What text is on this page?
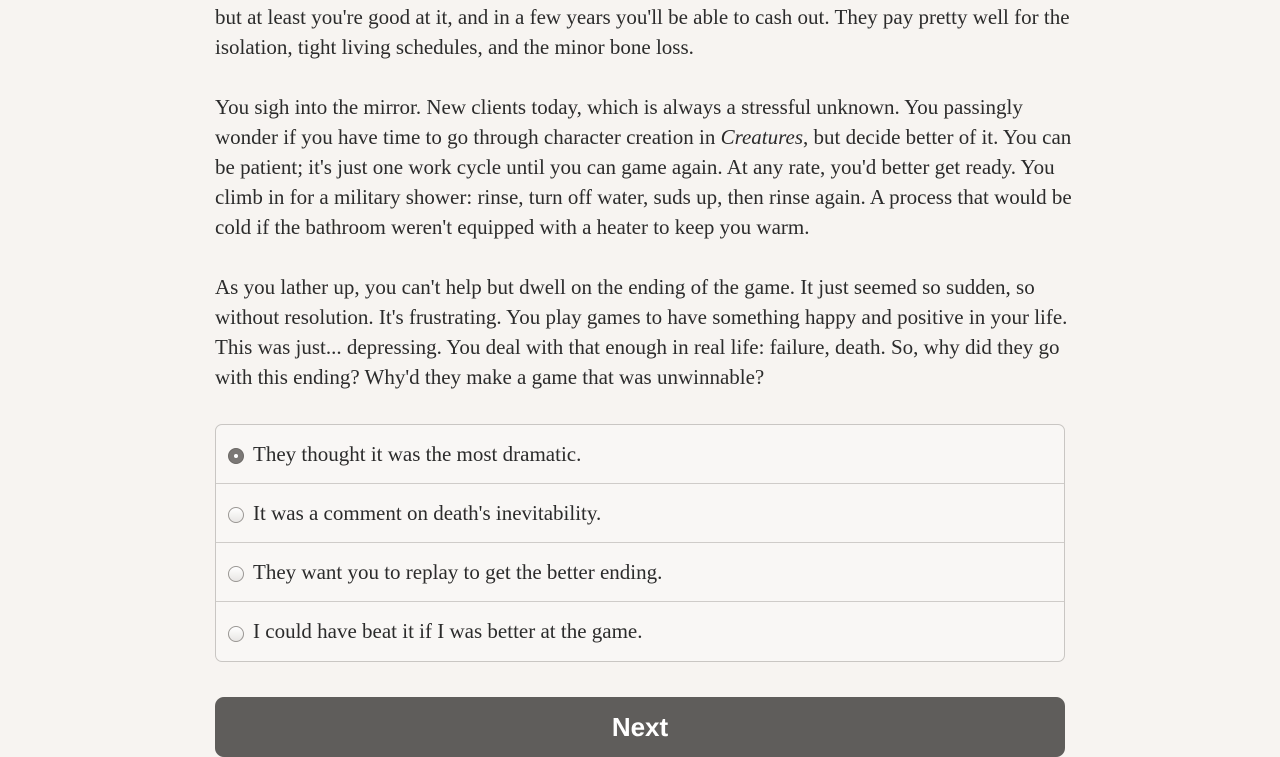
but at least you're good at it, and in a few years you'll be able to cash out. They pay pretty well for the isolation, tight living schedules, and the minor bone loss.

You sigh into the mirror. New clients today, which is always a stressful unknown. You passingly wonder if you have time to go through character creation in Creatures, but decide better of it. You can be patient; it's just one work cycle until you can game again. At any rate, you'd better get ready. You climb in for a military shower: rinse, turn off water, suds up, then rinse again. A process that would be cold if the bathroom weren't equipped with a heater to keep you warm.

As you lather up, you can't help but dwell on the ending of the game. It just seemed so sudden, so without resolution. It's frustrating. You play games to have something happy and positive in your life. This was just... depressing. You deal with that enough in real life: failure, death. So, why did they go with this ending? Why'd they make a game that was unwinnable?

They thought it was the most dramatic.
It was a comment on death's inevitability.
They want you to replay to get the better ending.
I could have beat it if I was better at the game.
Next
